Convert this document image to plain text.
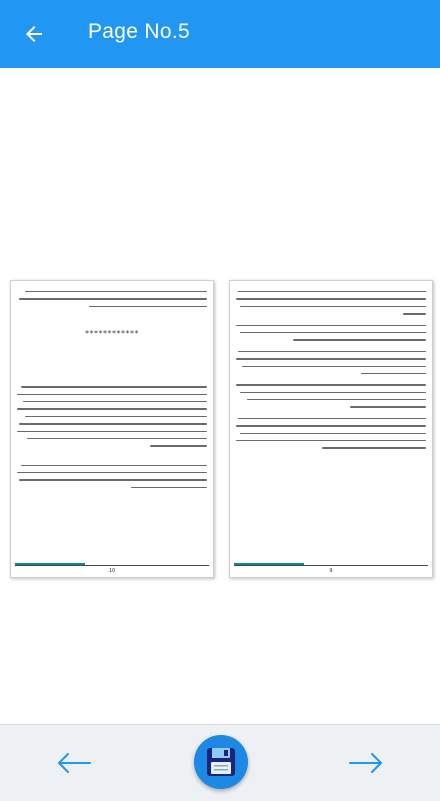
Page No.5
************
10	9
